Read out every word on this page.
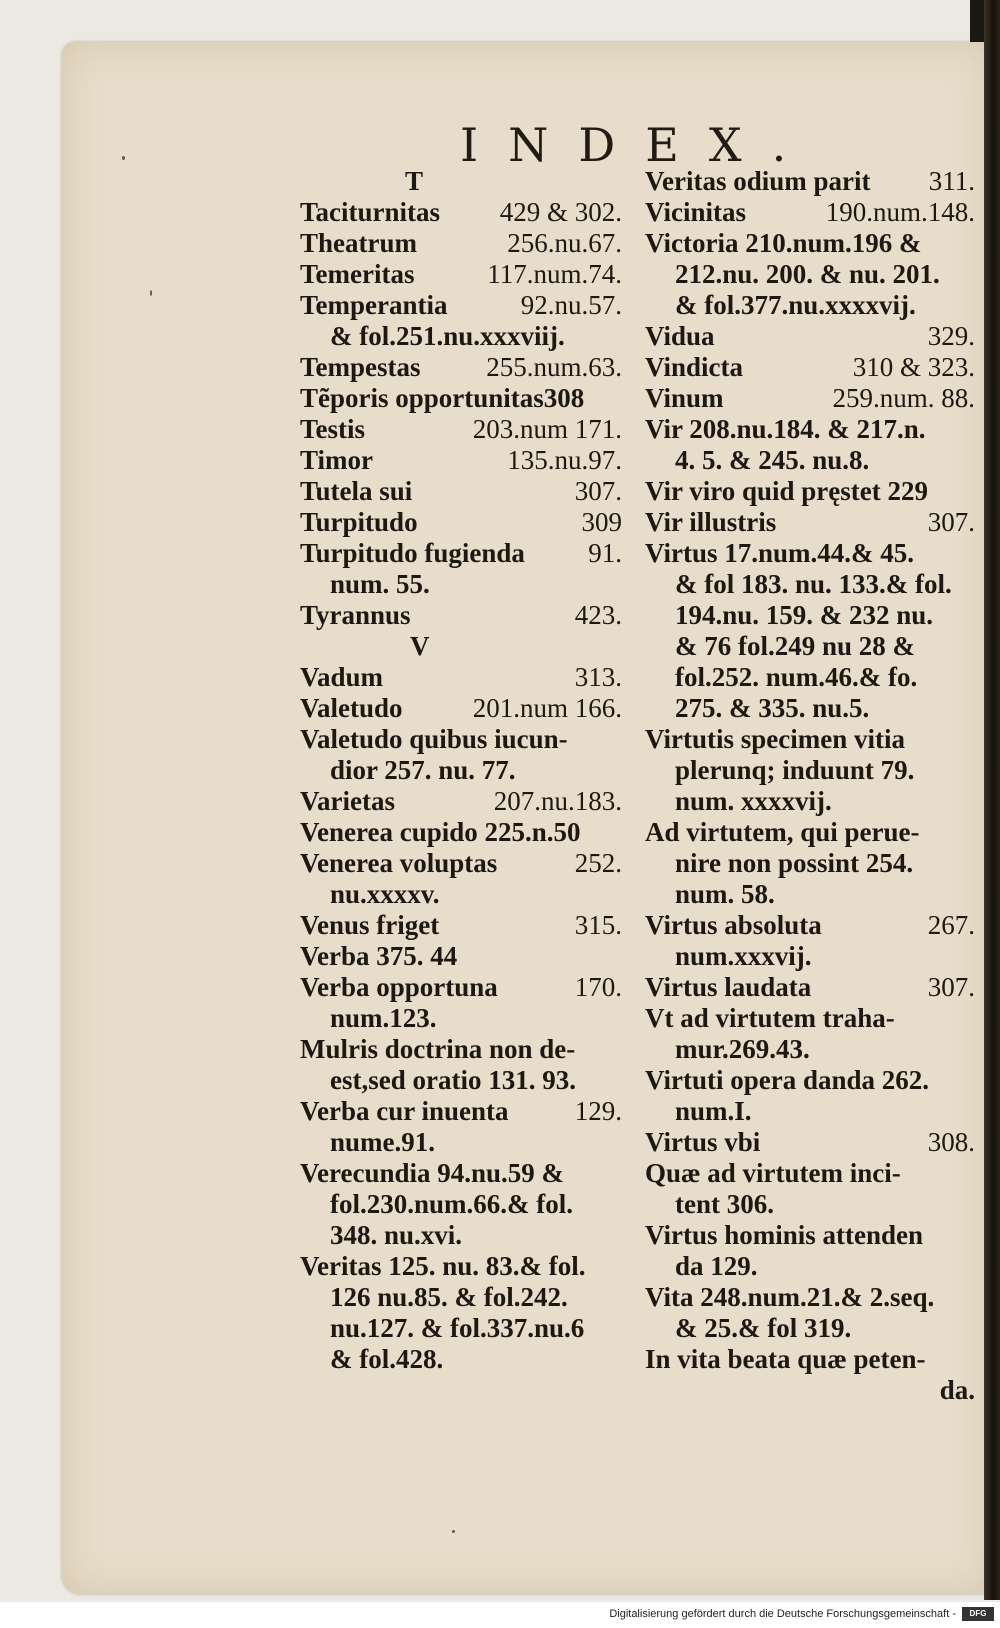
INDEX.
T
Taciturnitas 429 & 302.
Theatrum	256.nu.67.
Temeritas	117.num.74.
Temperantia	92.nu.57.
& fol.251.nu.xxxviij.
Tempestas 255.num.63.
Tẽporis opportunitas308
Testis	203.num 171.
Timor	135.nu.97.
Tutela sui	307.
Turpitudo	309
Turpitudo fugienda 91.
num. 55.
Tyrannus	423.
V
Vadum	313.
Valetudo	201.num 166.
Valetudo quibus iucun-
dior 257. nu. 77.
Varietas	207.nu.183.
Venerea cupido 225.n.50
Venerea voluptas	252.
nu.xxxxv.
Venus friget	315.
Verba 375. 44
Verba opportuna	170.
num.123.
Mulris doctrina non de-
est,sed oratio 131. 93.
Verba cur inuenta 129.
nume.91.
Verecundia 94.nu.59 &
fol.230.num.66.& fol.
348. nu.xvi.
Veritas 125. nu. 83.& fol.
126 nu.85. & fol.242.
nu.127. & fol.337.nu.6
& fol.428.
Veritas odium parit 311.
Vicinitas	190.num.148.
Victoria 210.num.196 &
212.nu. 200. & nu. 201.
& fol.377.nu.xxxxvij.
Vidua	329.
Vindicta	310 & 323.
Vinum	259.num. 88.
Vir 208.nu.184. & 217.n.
4. 5. & 245. nu.8.
Vir viro quid pręstet 229
Vir illustris	307.
Virtus 17.num.44.& 45.
& fol 183. nu. 133.& fol.
194.nu. 159. & 232 nu.
& 76 fol.249 nu 28 &
fol.252. num.46.& fo.
275. & 335. nu.5.
Virtutis specimen vitia
plerunq; induunt 79.
num. xxxxvij.
Ad virtutem, qui perue-
nire non possint 254.
num. 58.
Virtus absoluta	267.
num.xxxvij.
Virtus laudata	307.
Vt ad virtutem traha-
mur.269.43.
Virtuti opera danda 262.
num.I.
Virtus vbi	308.
Quæ ad virtutem inci-
tent 306.
Virtus hominis attenden
da 129.
Vita 248.num.21.& 2.seq.
& 25.& fol 319.
In vita beata quæ peten-
da.
Digitalisierung gefördert durch die Deutsche Forschungsgemeinschaft -	DFG
